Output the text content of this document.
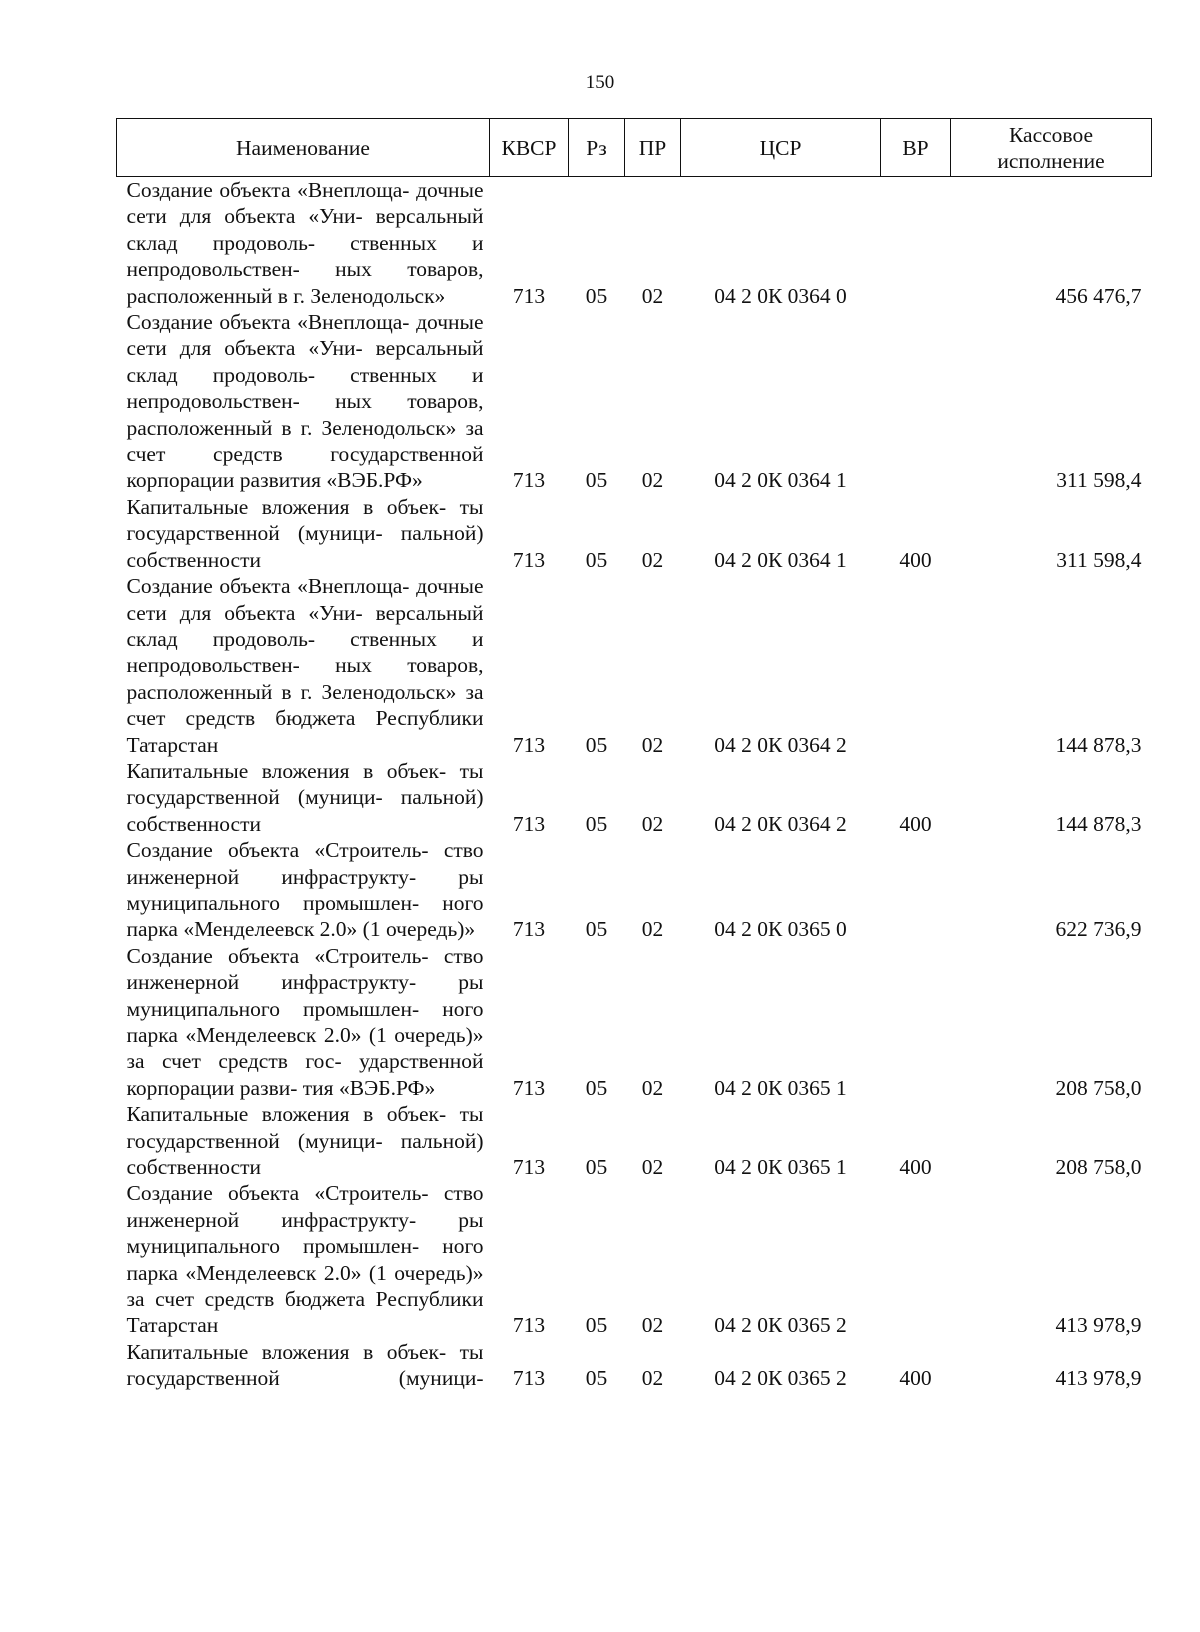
150
Наименование	КВСР	Рз	ПР	ЦСР	ВР	Кассовое исполнение
Создание объекта «Внеплоща- дочные сети для объекта «Уни- версальный склад продоволь- ственных и непродовольствен- ных товаров, расположенный в г. Зеленодольск»	713	05	02	04 2 0К 0364 0		456 476,7
Создание объекта «Внеплоща- дочные сети для объекта «Уни- версальный склад продоволь- ственных и непродовольствен- ных товаров, расположенный в г. Зеленодольск» за счет средств государственной корпорации развития «ВЭБ.РФ»	713	05	02	04 2 0К 0364 1		311 598,4
Капитальные вложения в объек- ты государственной (муници- пальной) собственности	713	05	02	04 2 0К 0364 1	400	311 598,4
Создание объекта «Внеплоща- дочные сети для объекта «Уни- версальный склад продоволь- ственных и непродовольствен- ных товаров, расположенный в г. Зеленодольск» за счет средств бюджета Республики Татарстан	713	05	02	04 2 0К 0364 2		144 878,3
Капитальные вложения в объек- ты государственной (муници- пальной) собственности	713	05	02	04 2 0К 0364 2	400	144 878,3
Создание объекта «Строитель- ство инженерной инфраструкту- ры муниципального промышлен- ного парка «Менделеевск 2.0» (1 очередь)»	713	05	02	04 2 0К 0365 0		622 736,9
Создание объекта «Строитель- ство инженерной инфраструкту- ры муниципального промышлен- ного парка «Менделеевск 2.0» (1 очередь)» за счет средств гос- ударственной корпорации разви- тия «ВЭБ.РФ»	713	05	02	04 2 0К 0365 1		208 758,0
Капитальные вложения в объек- ты государственной (муници- пальной) собственности	713	05	02	04 2 0К 0365 1	400	208 758,0
Создание объекта «Строитель- ство инженерной инфраструкту- ры муниципального промышлен- ного парка «Менделеевск 2.0» (1 очередь)» за счет средств бюджета Республики Татарстан	713	05	02	04 2 0К 0365 2		413 978,9
Капитальные вложения в объек- ты государственной (муници-	713	05	02	04 2 0К 0365 2	400	413 978,9
